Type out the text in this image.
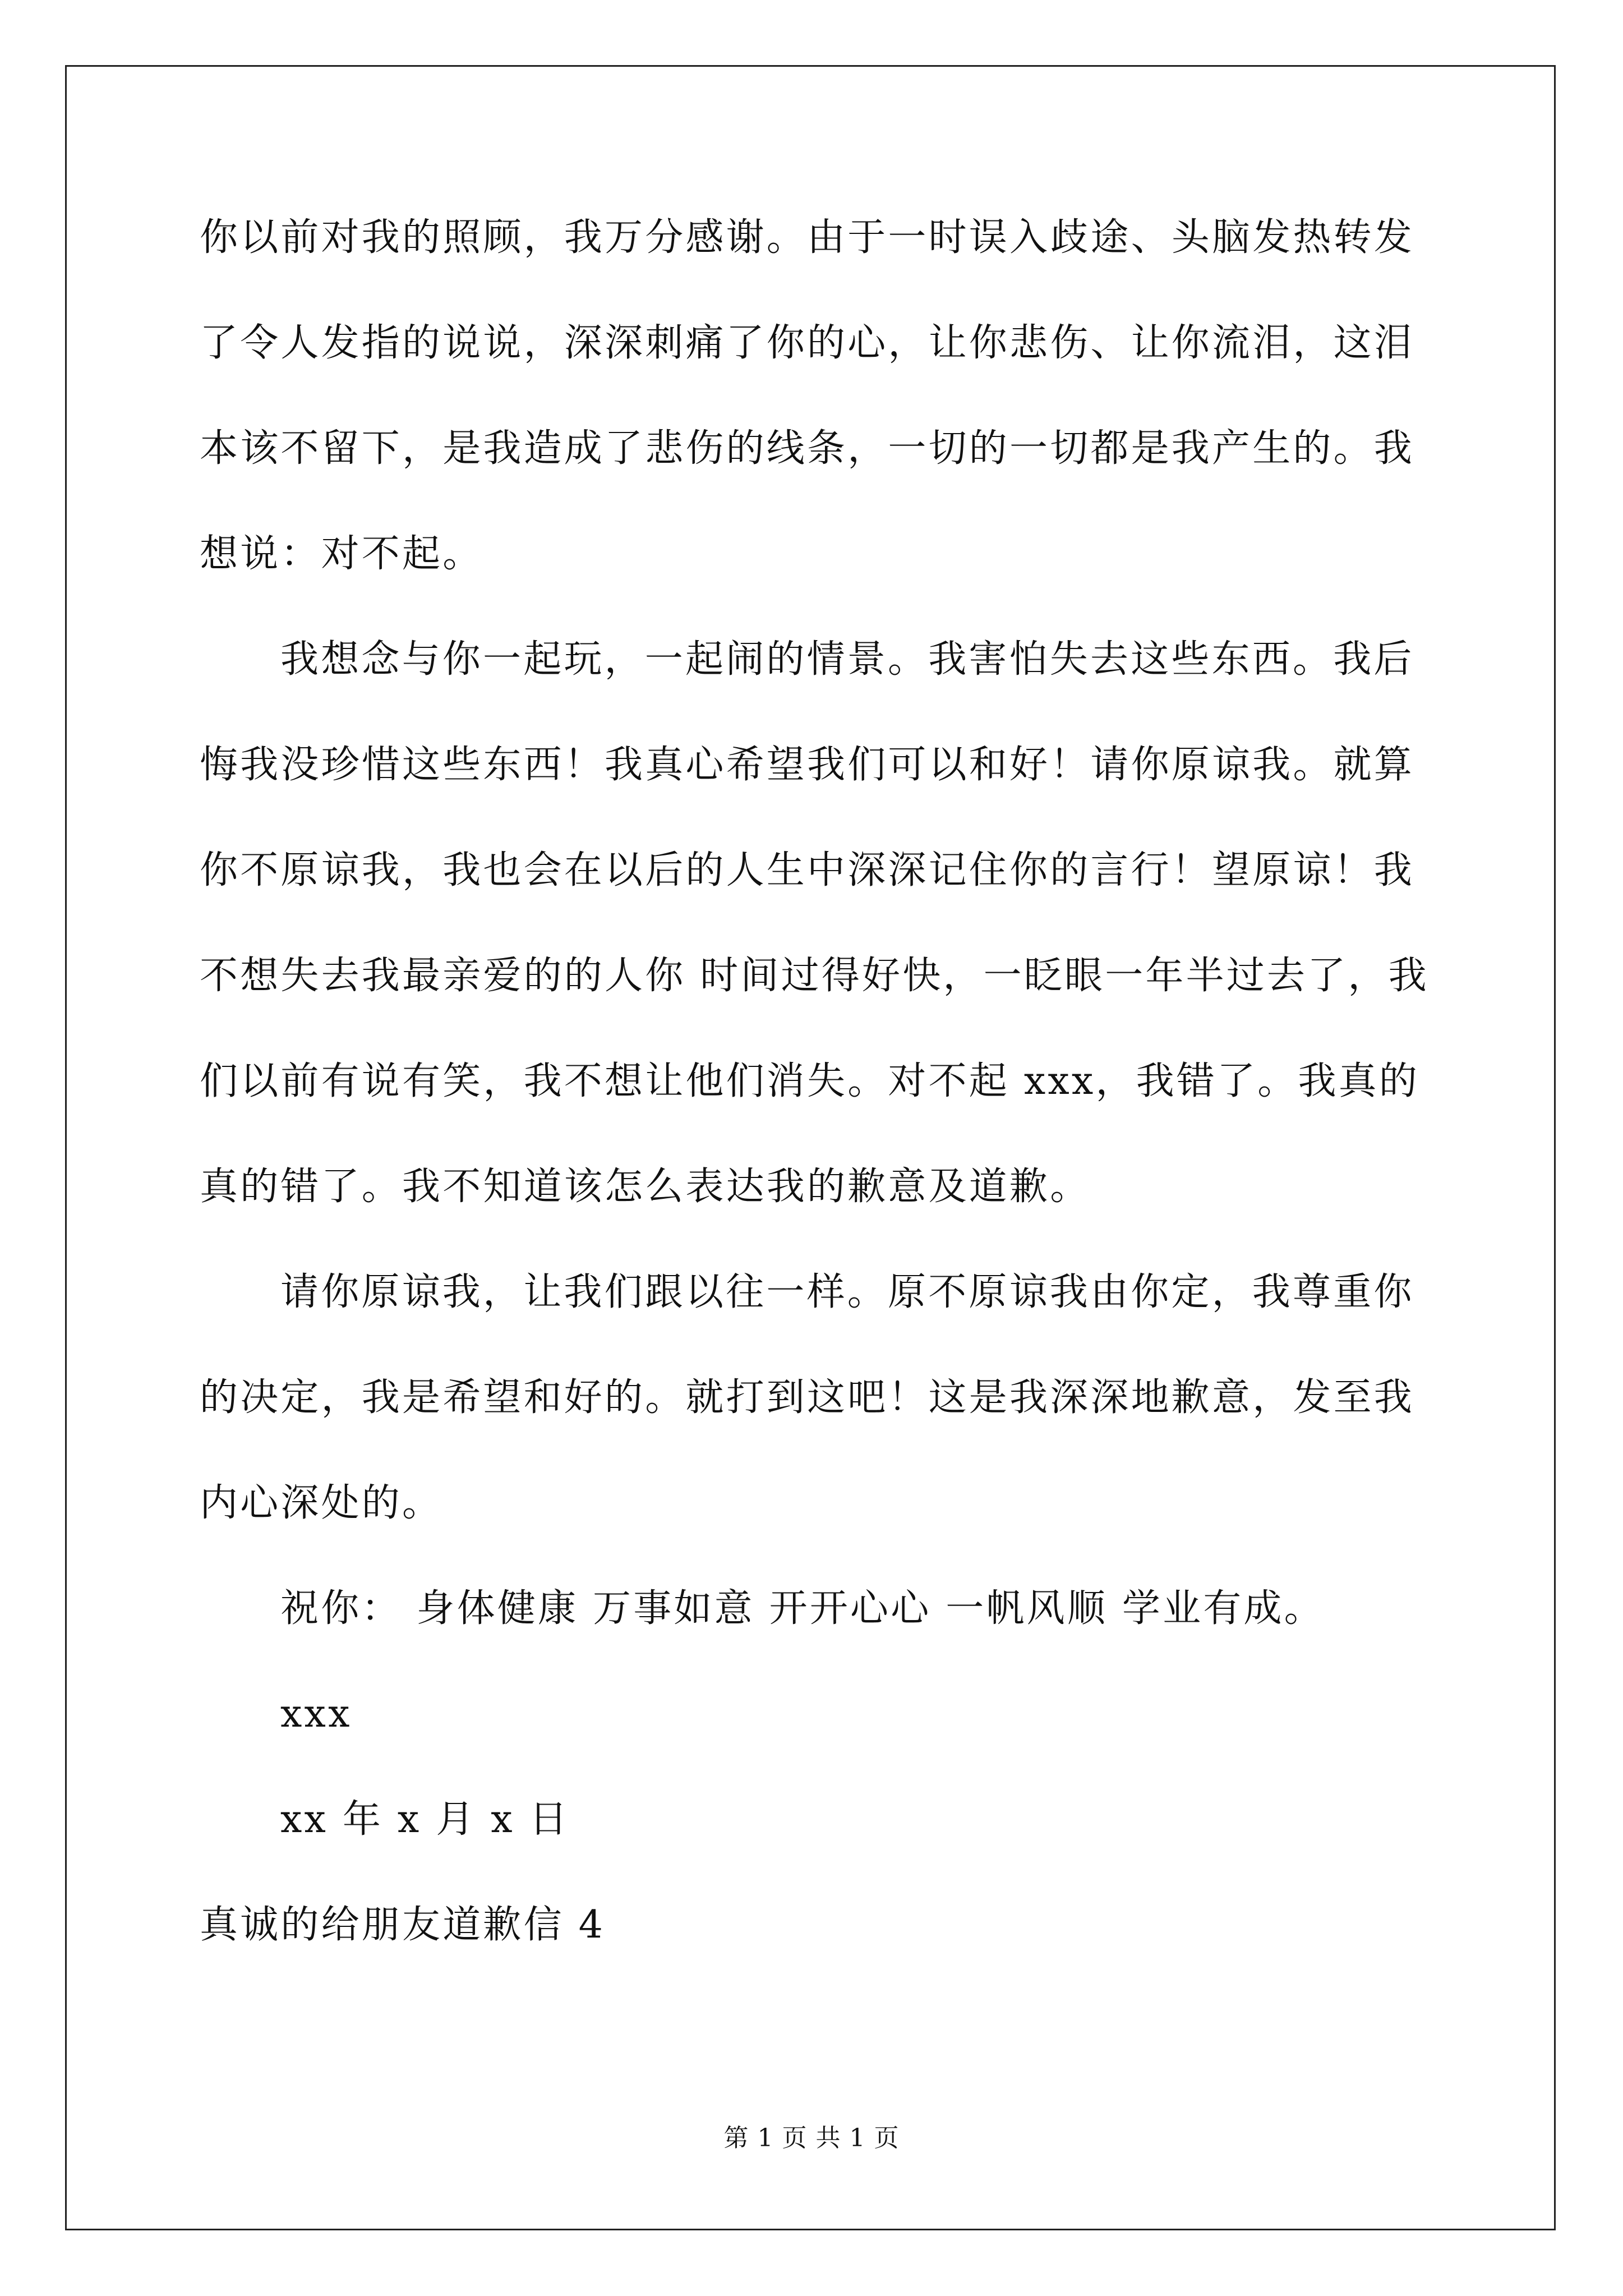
你以前对我的照顾，我万分感谢。由于一时误入歧途、头脑发热转发

了令人发指的说说，深深刺痛了你的心，让你悲伤、让你流泪，这泪

本该不留下，是我造成了悲伤的线条，一切的一切都是我产生的。我

想说：对不起。

我想念与你一起玩，一起闹的情景。我害怕失去这些东西。我后

悔我没珍惜这些东西！我真心希望我们可以和好！请你原谅我。就算

你不原谅我，我也会在以后的人生中深深记住你的言行！望原谅！我

不想失去我最亲爱的的人你 时间过得好快，一眨眼一年半过去了，我

们以前有说有笑，我不想让他们消失。对不起 xxx，我错了。我真的

真的错了。我不知道该怎么表达我的歉意及道歉。

请你原谅我，让我们跟以往一样。原不原谅我由你定，我尊重你

的决定，我是希望和好的。就打到这吧！这是我深深地歉意，发至我

内心深处的。

祝你： 身体健康 万事如意 开开心心 一帆风顺 学业有成。

xxx

xx 年 x 月 x 日

真诚的给朋友道歉信 4

第 1 页 共 1 页
